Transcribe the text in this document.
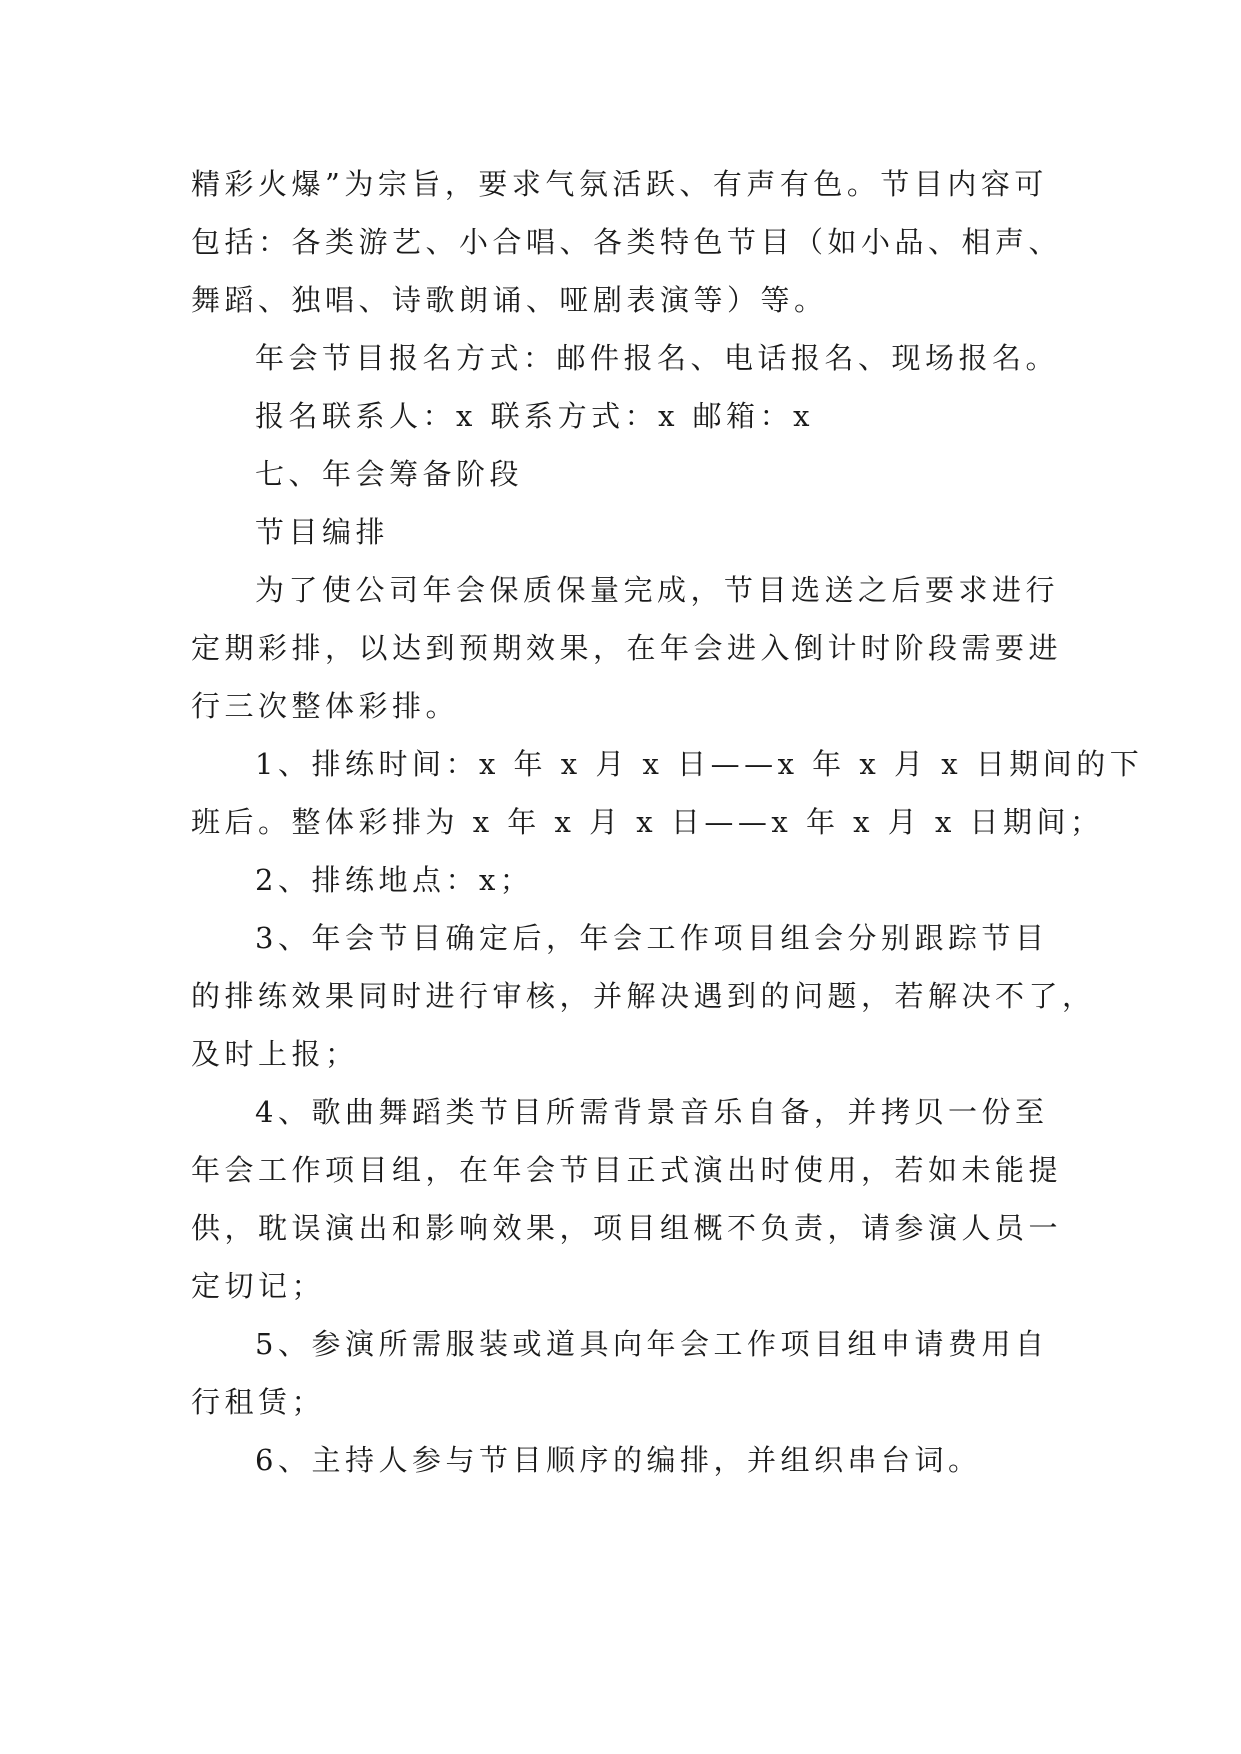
精彩火爆”为宗旨，要求气氛活跃、有声有色。节目内容可
包括：各类游艺、小合唱、各类特色节目（如小品、相声、
舞蹈、独唱、诗歌朗诵、哑剧表演等）等。
年会节目报名方式：邮件报名、电话报名、现场报名。
报名联系人：x 联系方式：x 邮箱：x
七、年会筹备阶段
节目编排
为了使公司年会保质保量完成，节目选送之后要求进行
定期彩排，以达到预期效果，在年会进入倒计时阶段需要进
行三次整体彩排。
1、排练时间：x 年 x 月 x 日——x 年 x 月 x 日期间的下
班后。整体彩排为 x 年 x 月 x 日——x 年 x 月 x 日期间；
2、排练地点：x；
3、年会节目确定后，年会工作项目组会分别跟踪节目
的排练效果同时进行审核，并解决遇到的问题，若解决不了，
及时上报；
4、歌曲舞蹈类节目所需背景音乐自备，并拷贝一份至
年会工作项目组，在年会节目正式演出时使用，若如未能提
供，耽误演出和影响效果，项目组概不负责，请参演人员一
定切记；
5、参演所需服装或道具向年会工作项目组申请费用自
行租赁；
6、主持人参与节目顺序的编排，并组织串台词。
